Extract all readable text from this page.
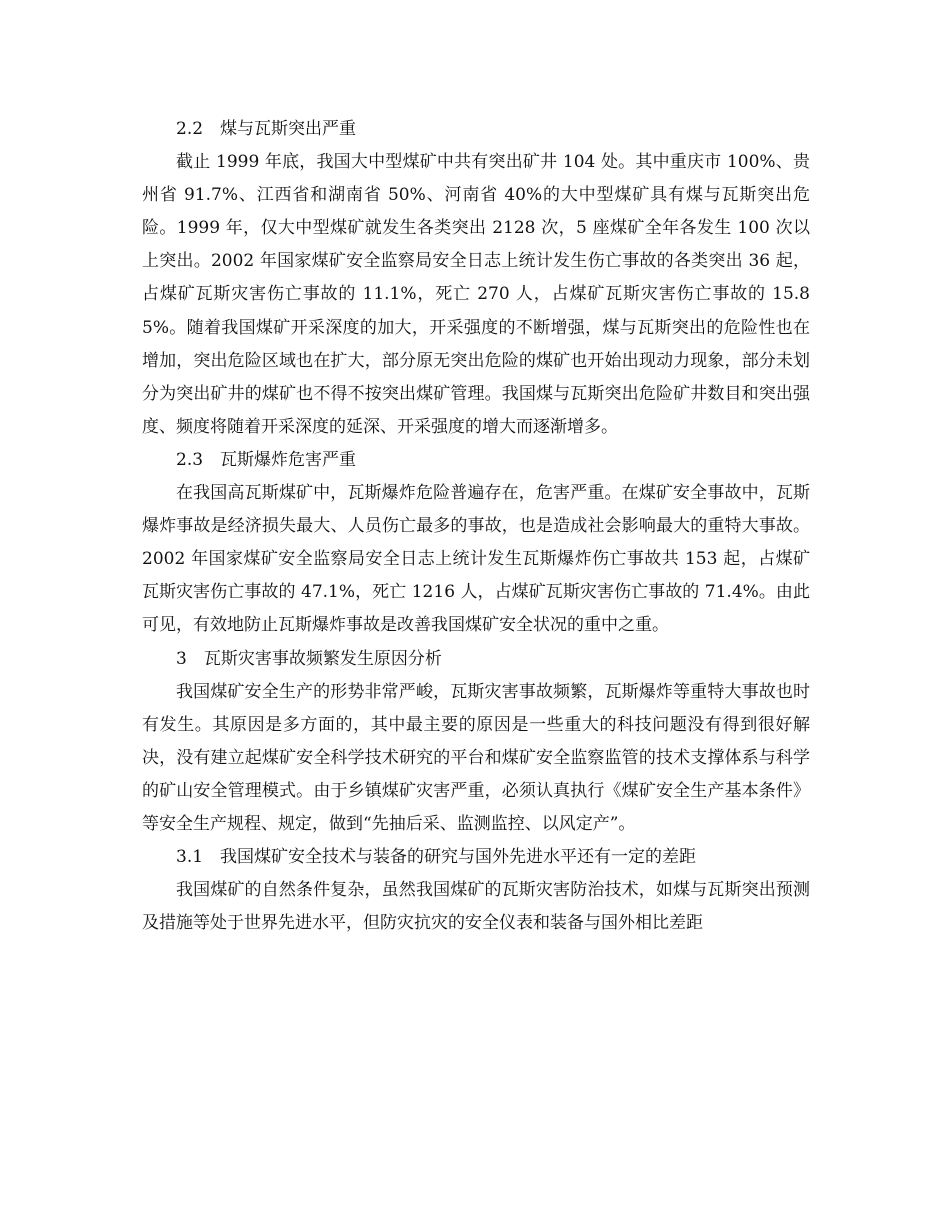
2.2　煤与瓦斯突出严重

截止 1999 年底，我国大中型煤矿中共有突出矿井 104 处。其中重庆市 100%、贵州省 91.7%、江西省和湖南省 50%、河南省 40%的大中型煤矿具有煤与瓦斯突出危险。1999 年，仅大中型煤矿就发生各类突出 2128 次，5 座煤矿全年各发生 100 次以上突出。2002 年国家煤矿安全监察局安全日志上统计发生伤亡事故的各类突出 36 起，占煤矿瓦斯灾害伤亡事故的 11.1%，死亡 270 人，占煤矿瓦斯灾害伤亡事故的 15.85%。随着我国煤矿开采深度的加大，开采强度的不断增强，煤与瓦斯突出的危险性也在增加，突出危险区域也在扩大，部分原无突出危险的煤矿也开始出现动力现象，部分未划分为突出矿井的煤矿也不得不按突出煤矿管理。我国煤与瓦斯突出危险矿井数目和突出强度、频度将随着开采深度的延深、开采强度的增大而逐渐增多。

2.3　瓦斯爆炸危害严重

在我国高瓦斯煤矿中，瓦斯爆炸危险普遍存在，危害严重。在煤矿安全事故中，瓦斯爆炸事故是经济损失最大、人员伤亡最多的事故，也是造成社会影响最大的重特大事故。2002 年国家煤矿安全监察局安全日志上统计发生瓦斯爆炸伤亡事故共 153 起，占煤矿瓦斯灾害伤亡事故的 47.1%，死亡 1216 人，占煤矿瓦斯灾害伤亡事故的 71.4%。由此可见，有效地防止瓦斯爆炸事故是改善我国煤矿安全状况的重中之重。

3　瓦斯灾害事故频繁发生原因分析

我国煤矿安全生产的形势非常严峻，瓦斯灾害事故频繁，瓦斯爆炸等重特大事故也时有发生。其原因是多方面的，其中最主要的原因是一些重大的科技问题没有得到很好解决，没有建立起煤矿安全科学技术研究的平台和煤矿安全监察监管的技术支撑体系与科学的矿山安全管理模式。由于乡镇煤矿灾害严重，必须认真执行《煤矿安全生产基本条件》等安全生产规程、规定，做到“先抽后采、监测监控、以风定产”。

3.1　我国煤矿安全技术与装备的研究与国外先进水平还有一定的差距

我国煤矿的自然条件复杂，虽然我国煤矿的瓦斯灾害防治技术，如煤与瓦斯突出预测及措施等处于世界先进水平，但防灾抗灾的安全仪表和装备与国外相比差距
